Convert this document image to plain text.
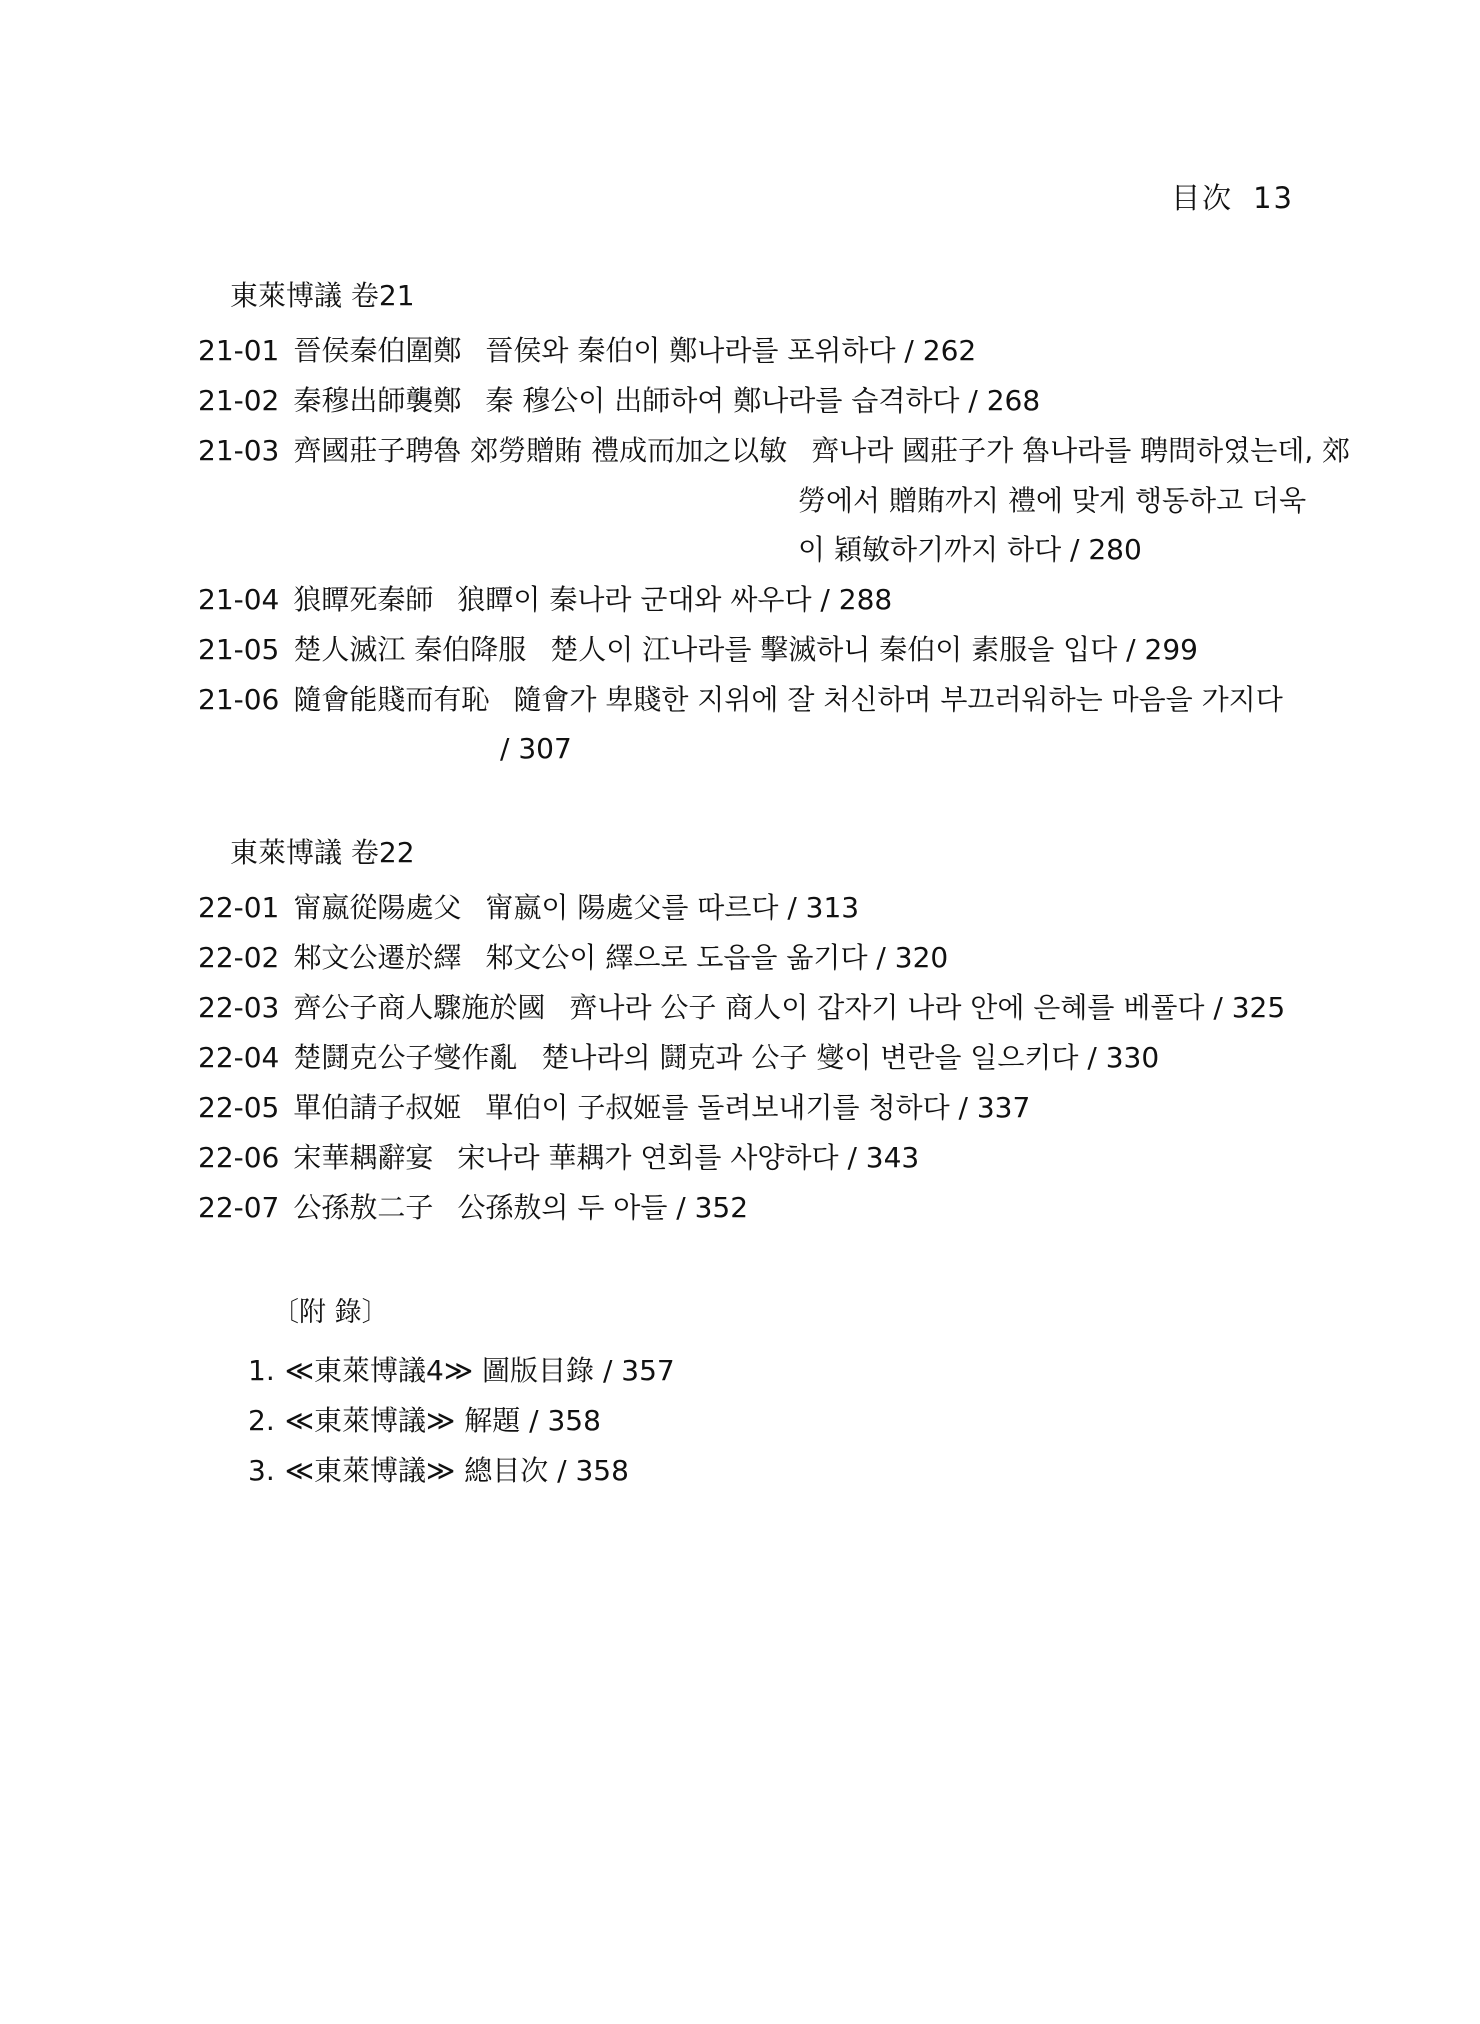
目次 13
東萊博議 卷21
21-01 晉侯秦伯圍鄭 晉侯와 秦伯이 鄭나라를 포위하다 / 262
21-02 秦穆出師襲鄭 秦 穆公이 出師하여 鄭나라를 습격하다 / 268
21-03 齊國莊子聘魯 郊勞贈賄 禮成而加之以敏 齊나라 國莊子가 魯나라를 聘問하였는데, 郊
勞에서 贈賄까지 禮에 맞게 행동하고 더욱
이 穎敏하기까지 하다 / 280
21-04 狼瞫死秦師 狼瞫이 秦나라 군대와 싸우다 / 288
21-05 楚人滅江 秦伯降服 楚人이 江나라를 擊滅하니 秦伯이 素服을 입다 / 299
21-06 隨會能賤而有恥 隨會가 卑賤한 지위에 잘 처신하며 부끄러워하는 마음을 가지다
/ 307
東萊博議 卷22
22-01 甯嬴從陽處父 甯嬴이 陽處父를 따르다 / 313
22-02 邾文公遷於繹 邾文公이 繹으로 도읍을 옮기다 / 320
22-03 齊公子商人驟施於國 齊나라 公子 商人이 갑자기 나라 안에 은혜를 베풀다 / 325
22-04 楚鬪克公子燮作亂 楚나라의 鬪克과 公子 燮이 변란을 일으키다 / 330
22-05 單伯請子叔姬 單伯이 子叔姬를 돌려보내기를 청하다 / 337
22-06 宋華耦辭宴 宋나라 華耦가 연회를 사양하다 / 343
22-07 公孫敖二子 公孫敖의 두 아들 / 352
〔附 錄〕
1. ≪東萊博議4≫ 圖版目錄 / 357
2. ≪東萊博議≫ 解題 / 358
3. ≪東萊博議≫ 總目次 / 358
